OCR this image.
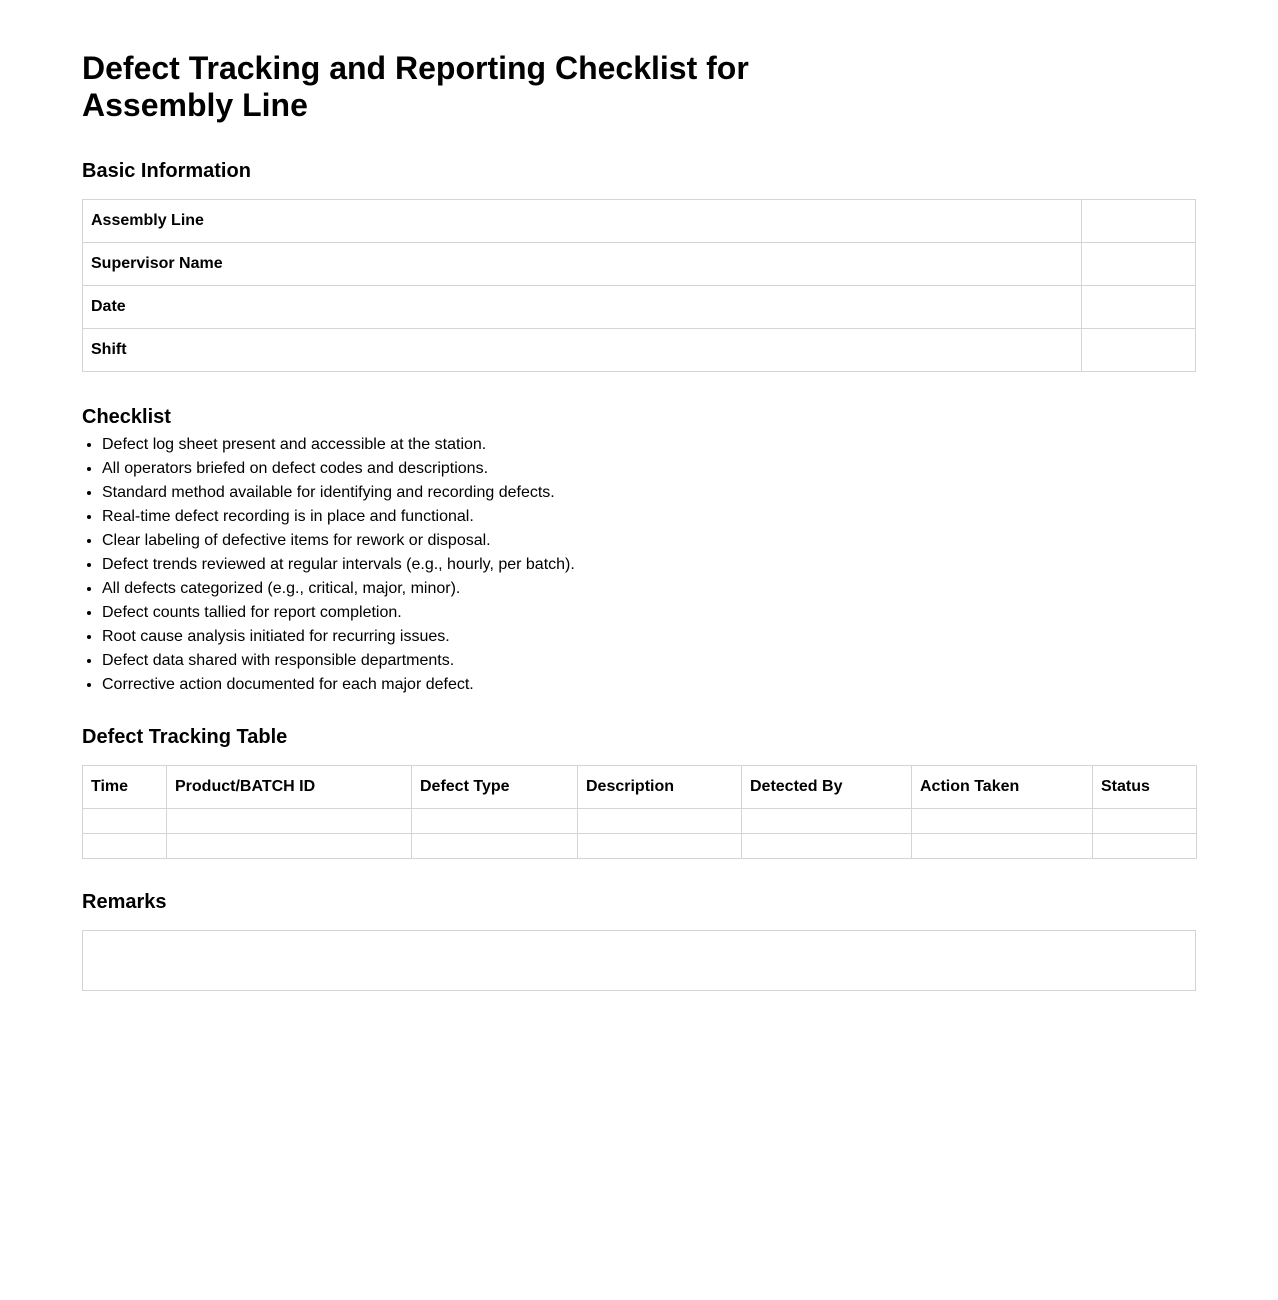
Defect Tracking and Reporting Checklist for Assembly Line
Basic Information
Assembly Line	
Supervisor Name	
Date	
Shift	
Checklist
• Defect log sheet present and accessible at the station.
• All operators briefed on defect codes and descriptions.
• Standard method available for identifying and recording defects.
• Real-time defect recording is in place and functional.
• Clear labeling of defective items for rework or disposal.
• Defect trends reviewed at regular intervals (e.g., hourly, per batch).
• All defects categorized (e.g., critical, major, minor).
• Defect counts tallied for report completion.
• Root cause analysis initiated for recurring issues.
• Defect data shared with responsible departments.
• Corrective action documented for each major defect.
Defect Tracking Table
Time	Product/BATCH ID	Defect Type	Description	Detected By	Action Taken	Status

Remarks
